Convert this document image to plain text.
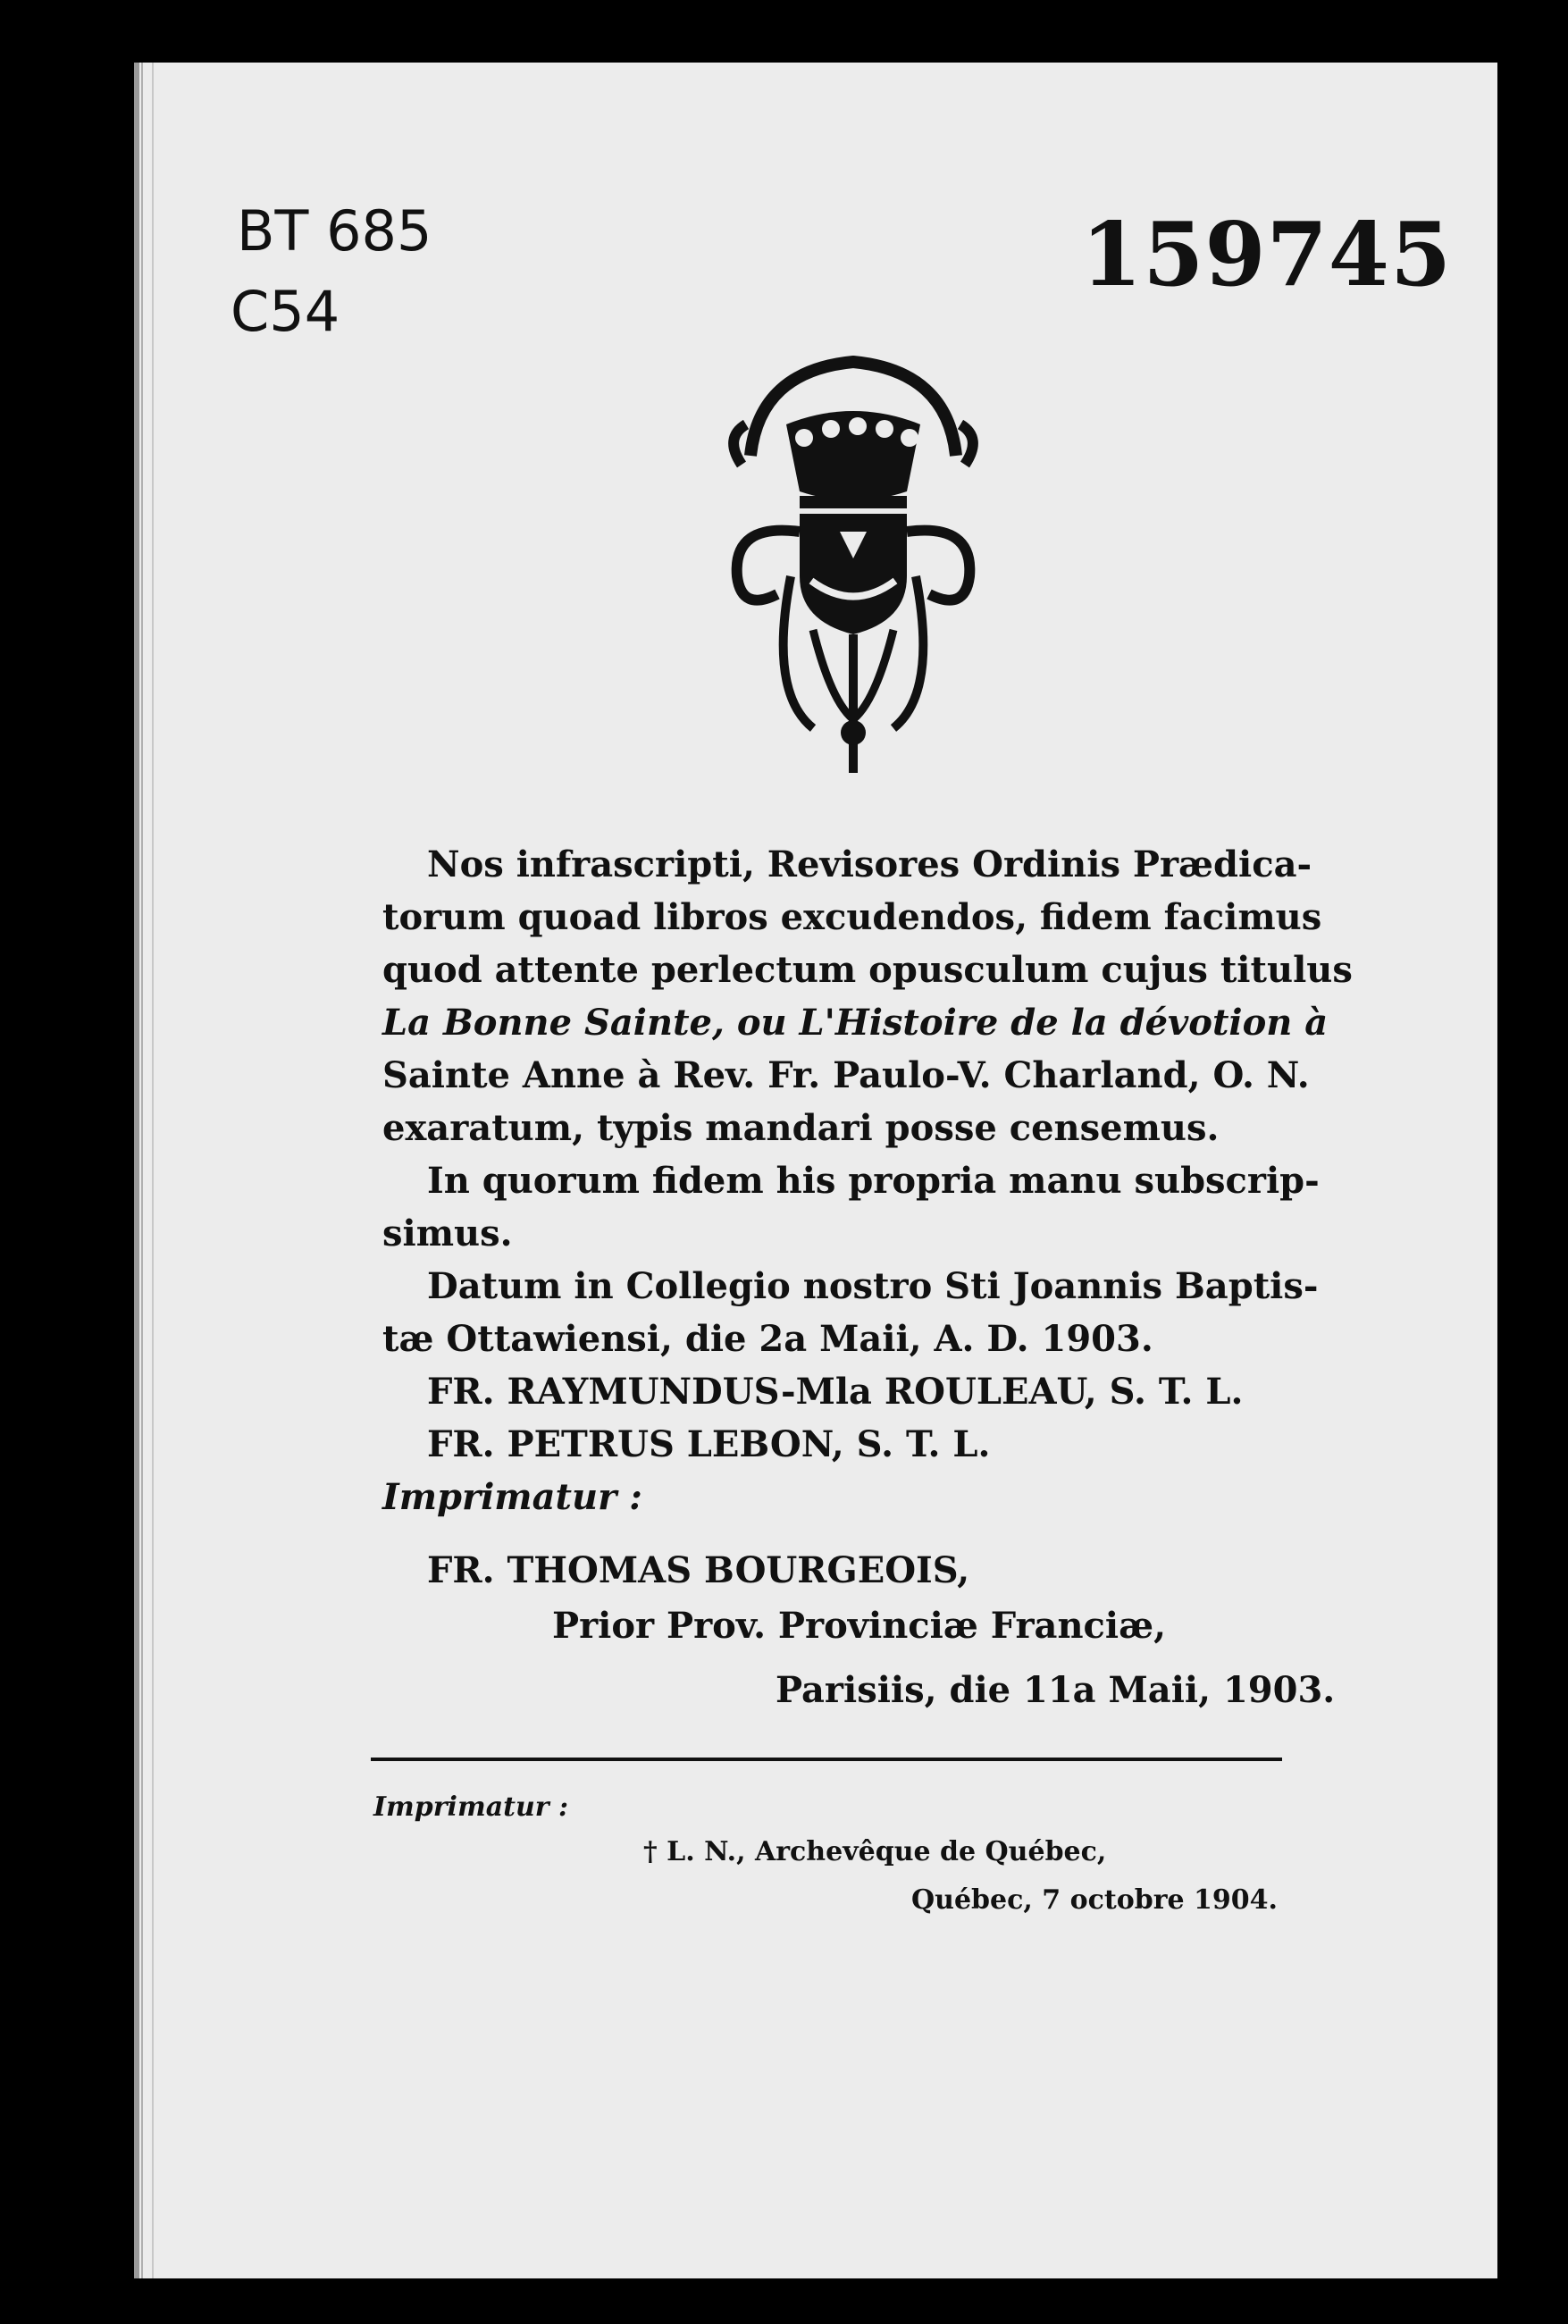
BT 685
C54
159745
Nos infrascripti, Revisores Ordinis Prædica-
torum quoad libros excudendos, fidem facimus
quod attente perlectum opusculum cujus titulus
La Bonne Sainte, ou L'Histoire de la dévotion à
Sainte Anne à Rev. Fr. Paulo-V. Charland, O. N.
exaratum, typis mandari posse censemus.
In quorum fidem his propria manu subscrip-
simus.
Datum in Collegio nostro Sti Joannis Baptis-
tæ Ottawiensi, die 2a Maii, A. D. 1903.
FR. RAYMUNDUS-Mla ROULEAU, S. T. L.
FR. PETRUS LEBON, S. T. L.
Imprimatur :
FR. THOMAS BOURGEOIS,
Prior Prov. Provinciæ Franciæ,
Parisiis, die 11a Maii, 1903.
Imprimatur :
† L. N., Archevêque de Québec,
Québec, 7 octobre 1904.
